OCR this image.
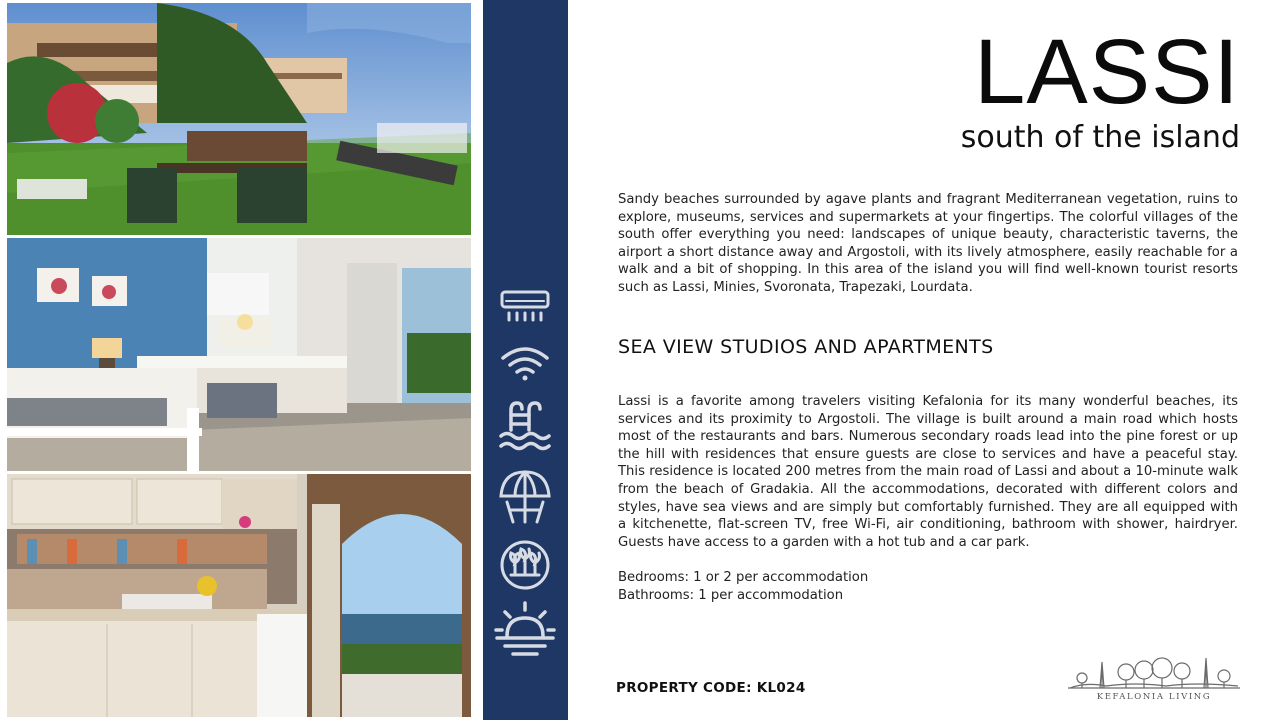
LASSI
south of the island

Sandy beaches surrounded by agave plants and fragrant Mediterranean vegetation, ruins to explore, museums, services and supermarkets at your fingertips. The colorful villages of the south offer everything you need: landscapes of unique beauty, characteristic taverns, the airport a short distance away and Argostoli, with its lively atmosphere, easily reachable for a walk and a bit of shopping. In this area of the island you will find well-known tourist resorts such as Lassi, Minies, Svoronata, Trapezaki, Lourdata.

SEA VIEW STUDIOS AND APARTMENTS

Lassi is a favorite among travelers visiting Kefalonia for its many wonderful beaches, its services and its proximity to Argostoli. The village is built around a main road which hosts most of the restaurants and bars. Numerous secondary roads lead into the pine forest or up the hill with residences that ensure guests are close to services and have a peaceful stay. This residence is located 200 metres from the main road of Lassi and about a 10-minute walk from the beach of Gradakia. All the accommodations, decorated with different colors and styles, have sea views and are simply but comfortably furnished. They are all equipped with a kitchenette, flat-screen TV, free Wi-Fi, air conditioning, bathroom with shower, hairdryer. Guests have access to a garden with a hot tub and a car park.

Bedrooms: 1 or 2 per accommodation
Bathrooms: 1 per accommodation
PROPERTY CODE: KL024
KEFALONIA LIVING
